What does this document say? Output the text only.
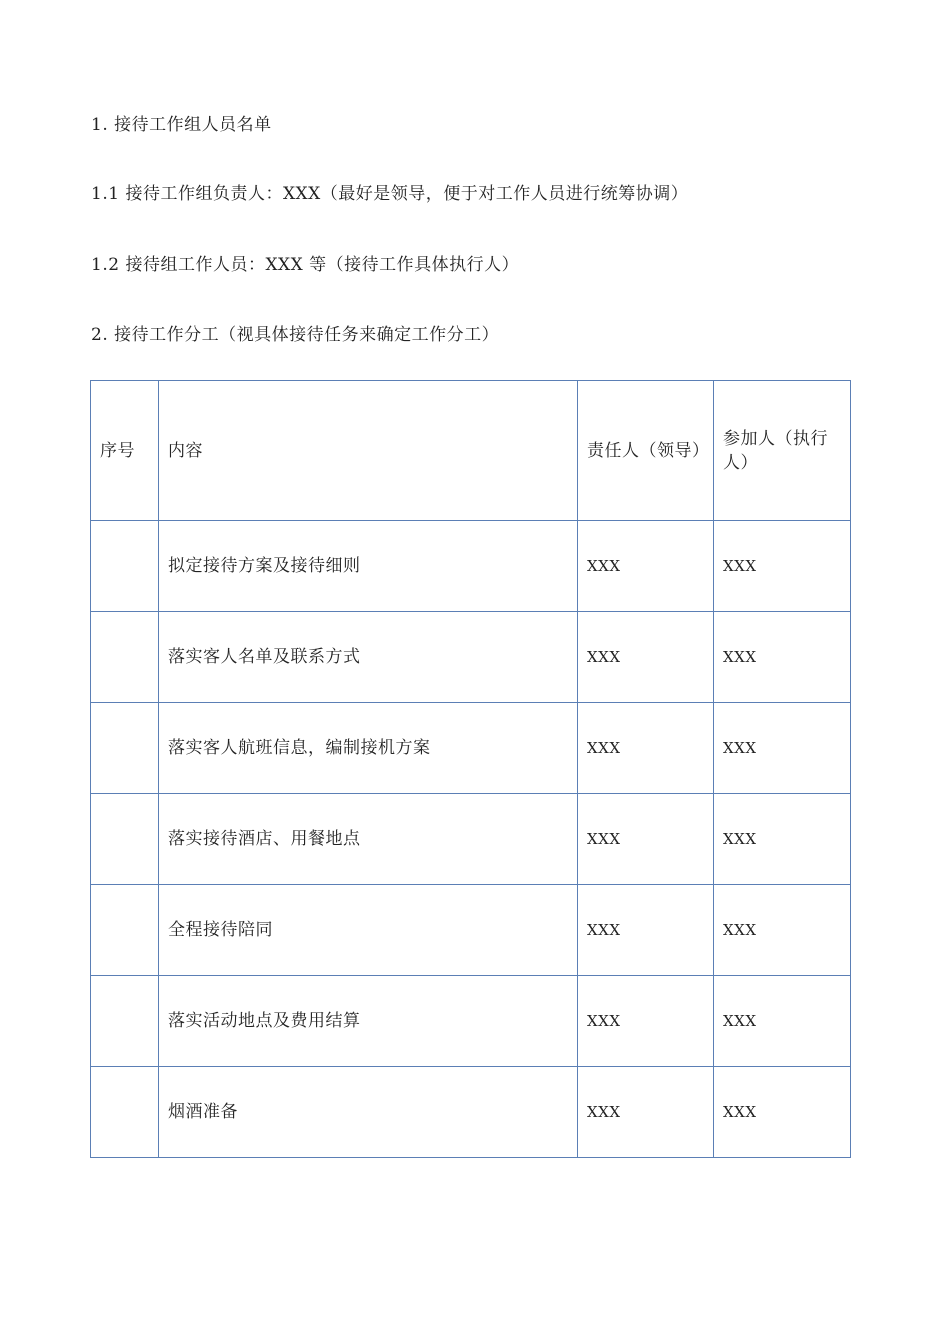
1. 接待工作组人员名单
1.1 接待工作组负责人：XXX（最好是领导，便于对工作人员进行统筹协调）
1.2 接待组工作人员：XXX 等（接待工作具体执行人）
2. 接待工作分工（视具体接待任务来确定工作分工）
序号	内容	责任人（领导）	参加人（执行人）
	拟定接待方案及接待细则	XXX	XXX
	落实客人名单及联系方式	XXX	XXX
	落实客人航班信息，编制接机方案	XXX	XXX
	落实接待酒店、用餐地点	XXX	XXX
	全程接待陪同	XXX	XXX
	落实活动地点及费用结算	XXX	XXX
	烟酒准备	XXX	XXX
